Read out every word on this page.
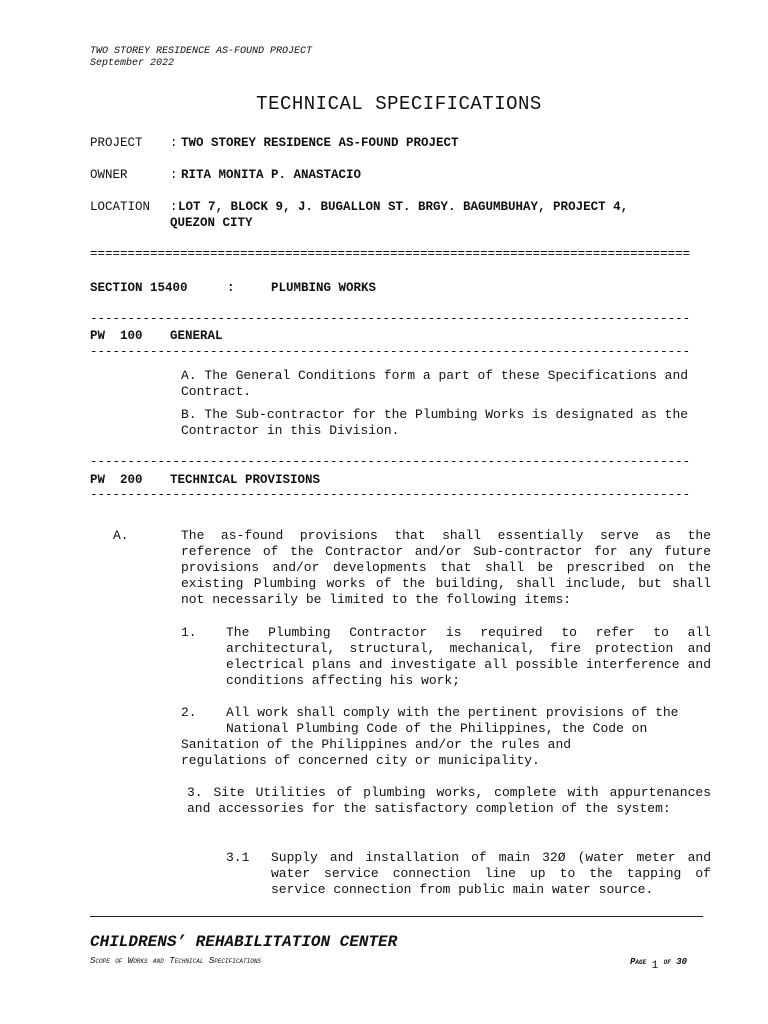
TWO STOREY RESIDENCE AS-FOUND PROJECT
September 2022
TECHNICAL SPECIFICATIONS
PROJECT : TWO STOREY RESIDENCE AS-FOUND PROJECT
OWNER	: RITA MONITA P. ANASTACIO
LOCATION : LOT 7, BLOCK 9, J. BUGALLON ST. BRGY. BAGUMBUHAY, PROJECT 4,
QUEZON CITY
================================================================================
SECTION 15400	:	PLUMBING WORKS
--------------------------------------------------------------------------------
PW  100 GENERAL
--------------------------------------------------------------------------------
A. The General Conditions form a part of these Specifications and Contract.
B. The Sub-contractor for the Plumbing Works is designated as the Contractor in this Division.
--------------------------------------------------------------------------------
PW  200 TECHNICAL PROVISIONS
--------------------------------------------------------------------------------
A.	The as-found provisions that shall essentially serve as the reference of the Contractor and/or Sub-contractor for any future provisions and/or developments that shall be prescribed on the existing Plumbing works of the building, shall include, but shall not necessarily be limited to the following items:
1. The Plumbing Contractor is required to refer to all architectural, structural, mechanical, fire protection and electrical plans and investigate all possible interference and conditions affecting his work;
2. All work shall comply with the pertinent provisions of the
National Plumbing Code of the Philippines, the Code on
Sanitation of the Philippines and/or the rules and
regulations of concerned city or municipality.
3. Site Utilities of plumbing works, complete with appurtenances and accessories for the satisfactory completion of the system:
3.1 Supply and installation of main 32Ø (water meter and water service connection line up to the tapping of service connection from public main water source.
CHILDRENS’ REHABILITATION CENTER
Scope of Works and Technical Specifications	Page 1 of 30
